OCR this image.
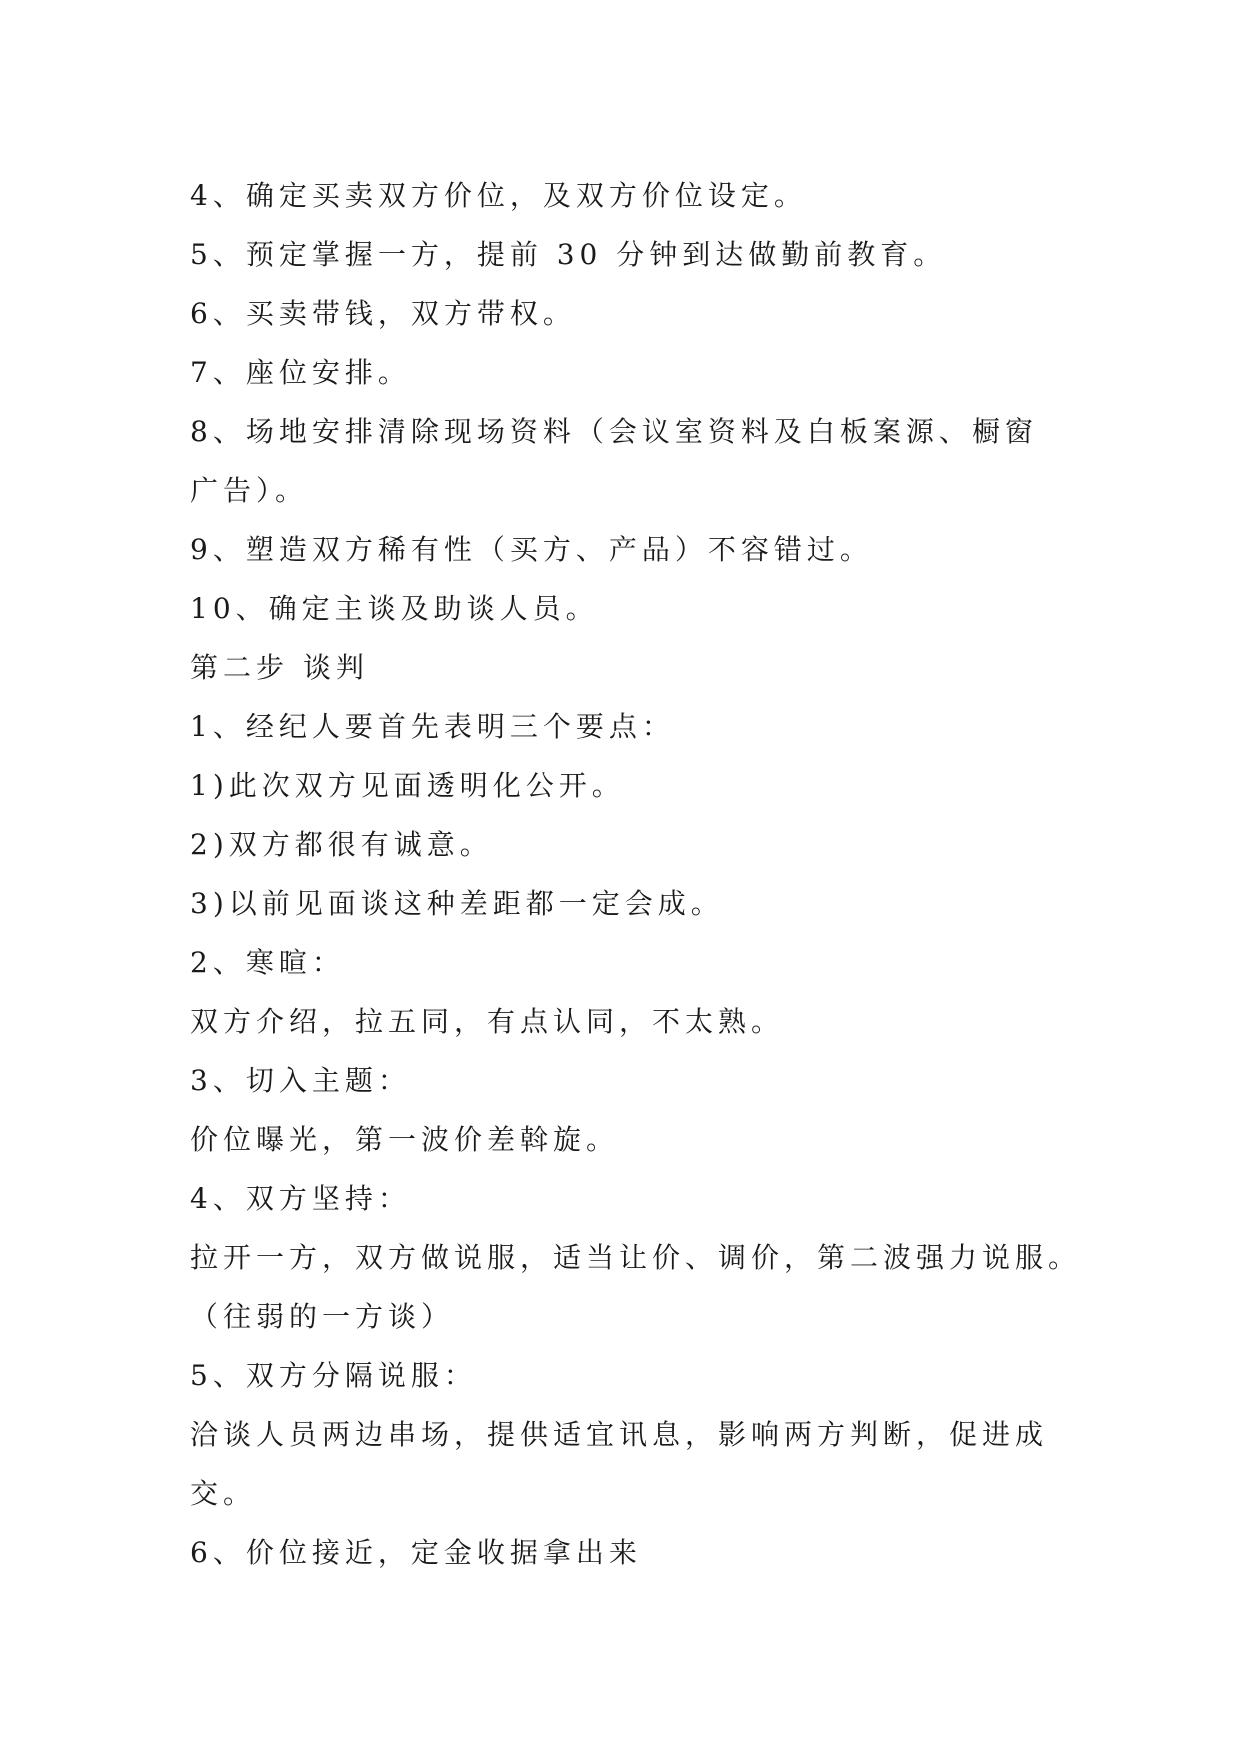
4、确定买卖双方价位，及双方价位设定。
5、预定掌握一方，提前 30 分钟到达做勤前教育。
6、买卖带钱，双方带权。
7、座位安排。
8、场地安排清除现场资料（会议室资料及白板案源、橱窗
广告）。
9、塑造双方稀有性（买方、产品）不容错过。
10、确定主谈及助谈人员。
第二步 谈判
1、经纪人要首先表明三个要点：
1)此次双方见面透明化公开。
2)双方都很有诚意。
3)以前见面谈这种差距都一定会成。
2、寒暄：
双方介绍，拉五同，有点认同，不太熟。
3、切入主题：
价位曝光，第一波价差斡旋。
4、双方坚持：
拉开一方，双方做说服，适当让价、调价，第二波强力说服。
（往弱的一方谈）
5、双方分隔说服：
洽谈人员两边串场，提供适宜讯息，影响两方判断，促进成
交。
6、价位接近，定金收据拿出来
